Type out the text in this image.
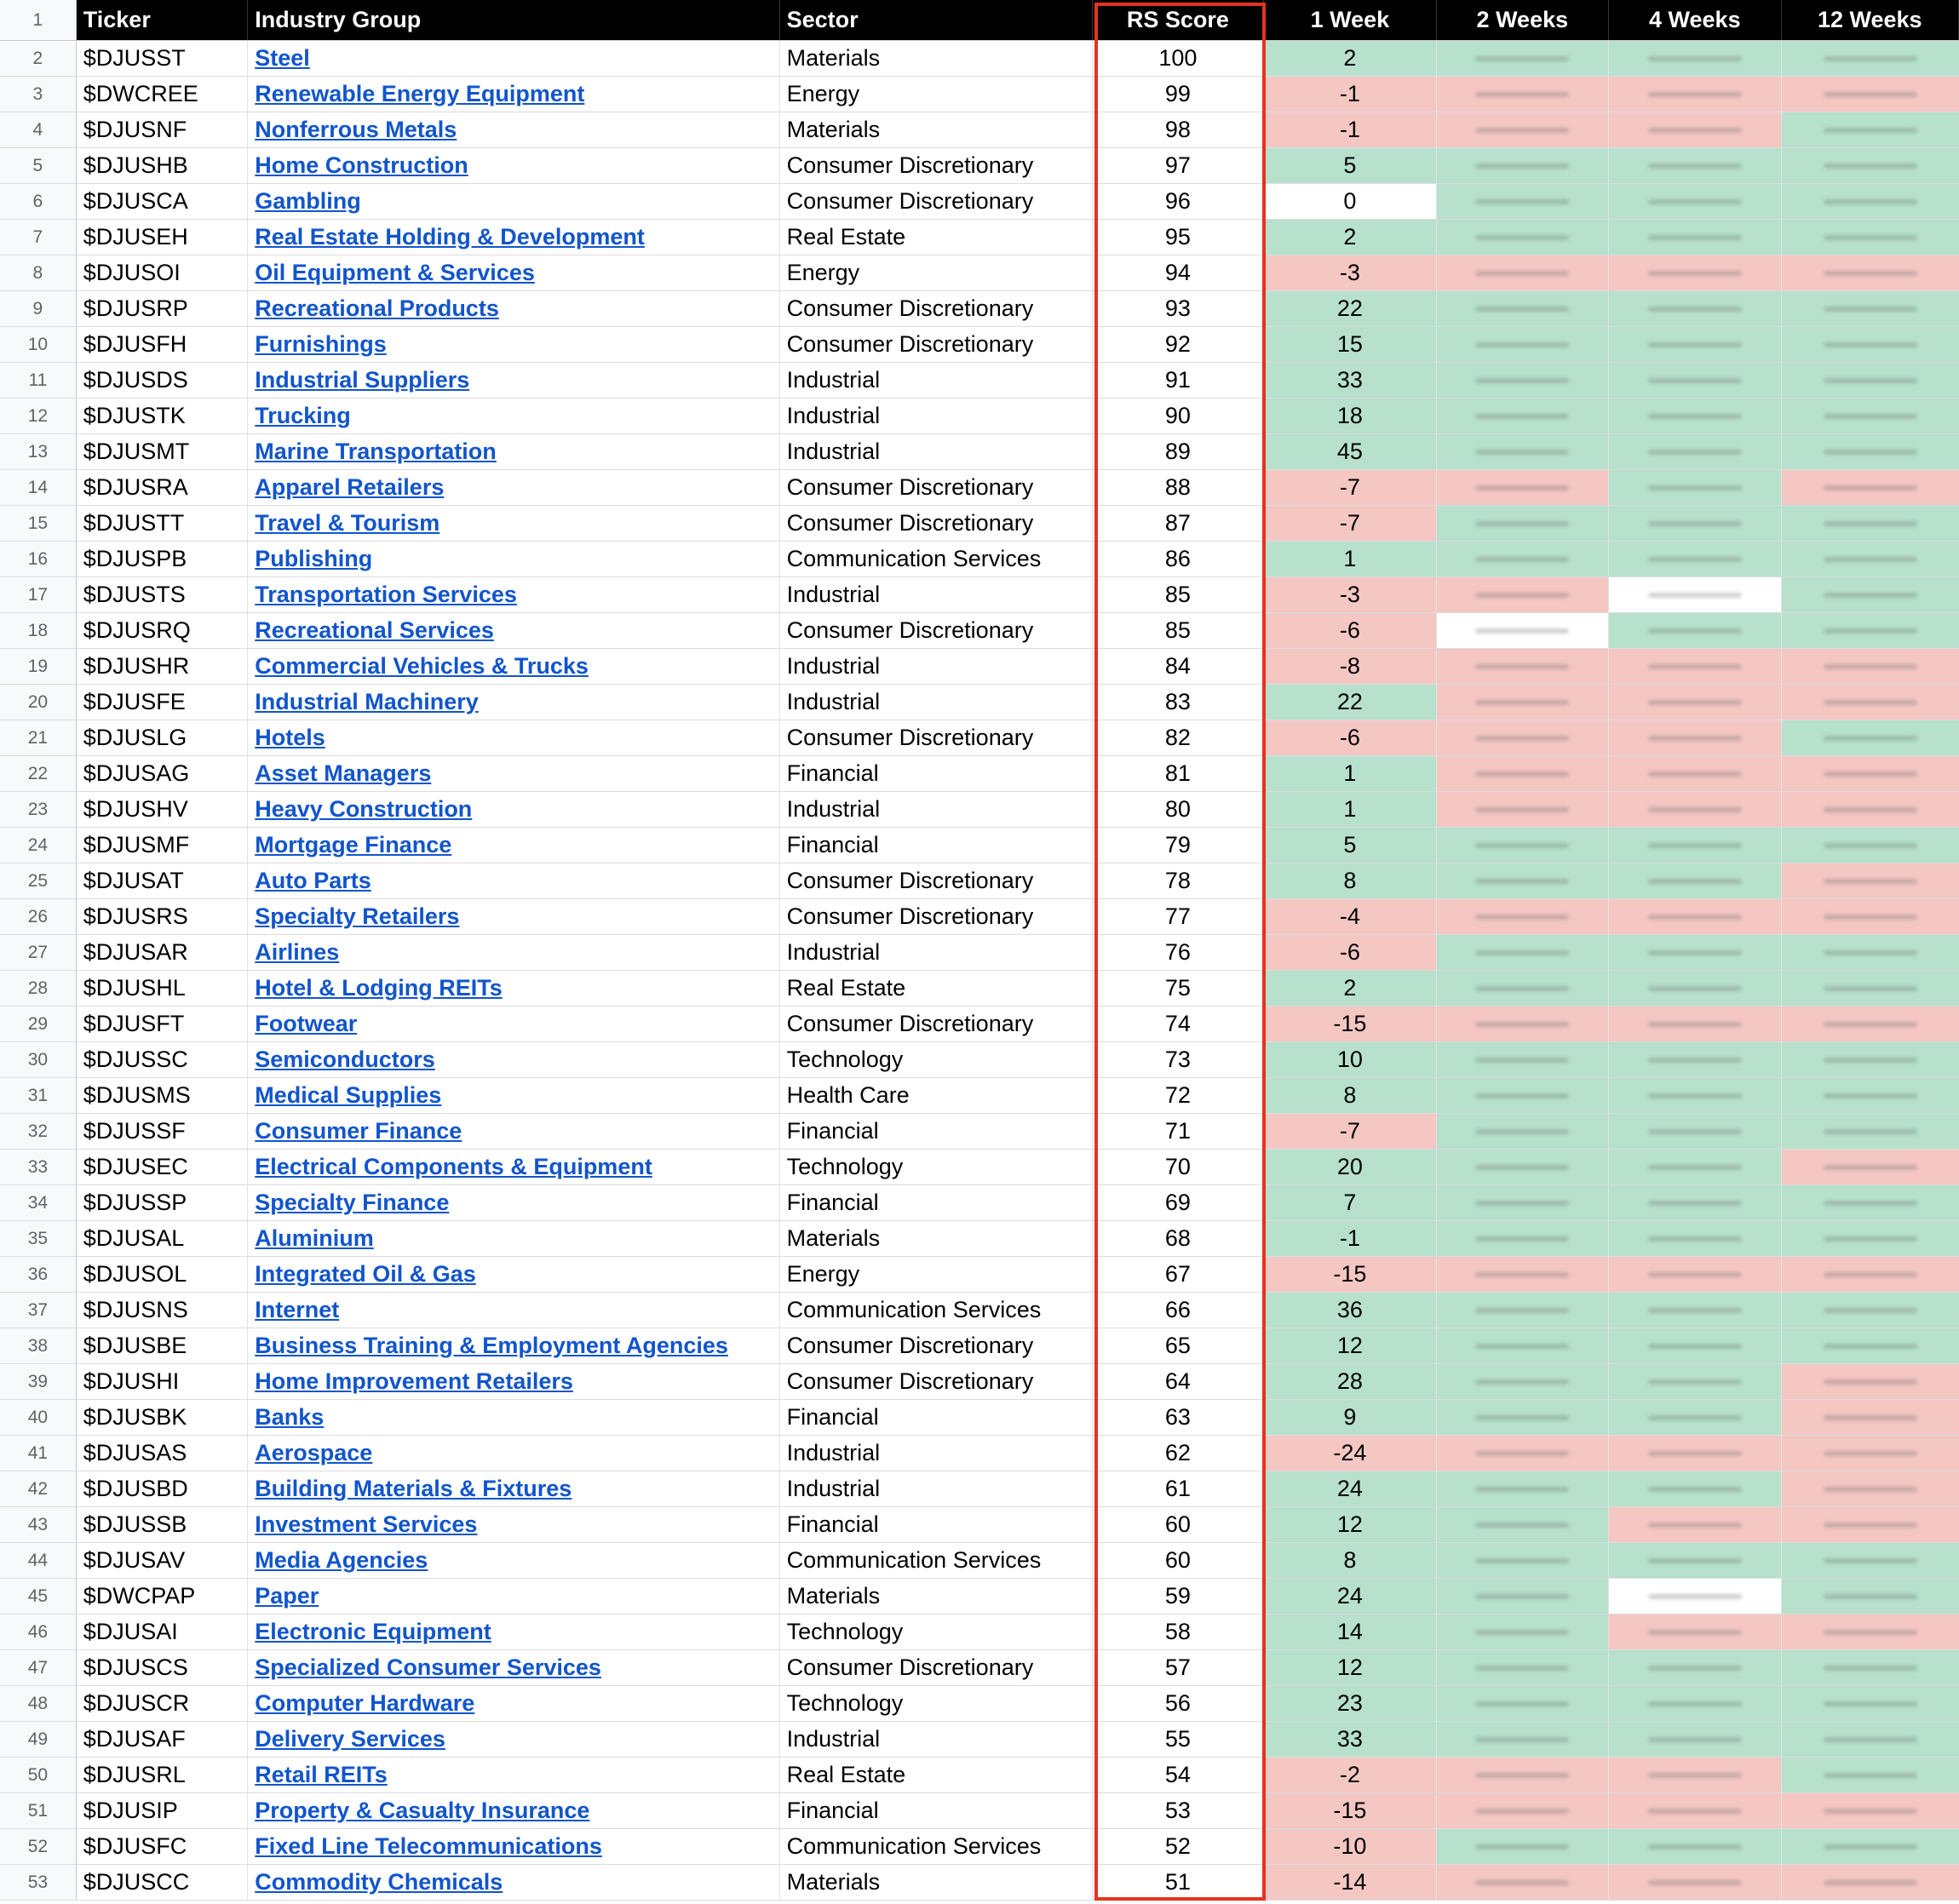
1	Ticker	Industry Group	Sector	RS Score	1 Week	2 Weeks	4 Weeks	12 Weeks
2	$DJUSST	Steel	Materials	100	2
3	$DWCREE	Renewable Energy Equipment	Energy	99	-1
4	$DJUSNF	Nonferrous Metals	Materials	98	-1
5	$DJUSHB	Home Construction	Consumer Discretionary	97	5
6	$DJUSCA	Gambling	Consumer Discretionary	96	0
7	$DJUSEH	Real Estate Holding & Development	Real Estate	95	2
8	$DJUSOI	Oil Equipment & Services	Energy	94	-3
9	$DJUSRP	Recreational Products	Consumer Discretionary	93	22
10	$DJUSFH	Furnishings	Consumer Discretionary	92	15
11	$DJUSDS	Industrial Suppliers	Industrial	91	33
12	$DJUSTK	Trucking	Industrial	90	18
13	$DJUSMT	Marine Transportation	Industrial	89	45
14	$DJUSRA	Apparel Retailers	Consumer Discretionary	88	-7
15	$DJUSTT	Travel & Tourism	Consumer Discretionary	87	-7
16	$DJUSPB	Publishing	Communication Services	86	1
17	$DJUSTS	Transportation Services	Industrial	85	-3
18	$DJUSRQ	Recreational Services	Consumer Discretionary	85	-6
19	$DJUSHR	Commercial Vehicles & Trucks	Industrial	84	-8
20	$DJUSFE	Industrial Machinery	Industrial	83	22
21	$DJUSLG	Hotels	Consumer Discretionary	82	-6
22	$DJUSAG	Asset Managers	Financial	81	1
23	$DJUSHV	Heavy Construction	Industrial	80	1
24	$DJUSMF	Mortgage Finance	Financial	79	5
25	$DJUSAT	Auto Parts	Consumer Discretionary	78	8
26	$DJUSRS	Specialty Retailers	Consumer Discretionary	77	-4
27	$DJUSAR	Airlines	Industrial	76	-6
28	$DJUSHL	Hotel & Lodging REITs	Real Estate	75	2
29	$DJUSFT	Footwear	Consumer Discretionary	74	-15
30	$DJUSSC	Semiconductors	Technology	73	10
31	$DJUSMS	Medical Supplies	Health Care	72	8
32	$DJUSSF	Consumer Finance	Financial	71	-7
33	$DJUSEC	Electrical Components & Equipment	Technology	70	20
34	$DJUSSP	Specialty Finance	Financial	69	7
35	$DJUSAL	Aluminium	Materials	68	-1
36	$DJUSOL	Integrated Oil & Gas	Energy	67	-15
37	$DJUSNS	Internet	Communication Services	66	36
38	$DJUSBE	Business Training & Employment Agencies	Consumer Discretionary	65	12
39	$DJUSHI	Home Improvement Retailers	Consumer Discretionary	64	28
40	$DJUSBK	Banks	Financial	63	9
41	$DJUSAS	Aerospace	Industrial	62	-24
42	$DJUSBD	Building Materials & Fixtures	Industrial	61	24
43	$DJUSSB	Investment Services	Financial	60	12
44	$DJUSAV	Media Agencies	Communication Services	60	8
45	$DWCPAP	Paper	Materials	59	24
46	$DJUSAI	Electronic Equipment	Technology	58	14
47	$DJUSCS	Specialized Consumer Services	Consumer Discretionary	57	12
48	$DJUSCR	Computer Hardware	Technology	56	23
49	$DJUSAF	Delivery Services	Industrial	55	33
50	$DJUSRL	Retail REITs	Real Estate	54	-2
51	$DJUSIP	Property & Casualty Insurance	Financial	53	-15
52	$DJUSFC	Fixed Line Telecommunications	Communication Services	52	-10
53	$DJUSCC	Commodity Chemicals	Materials	51	-14
